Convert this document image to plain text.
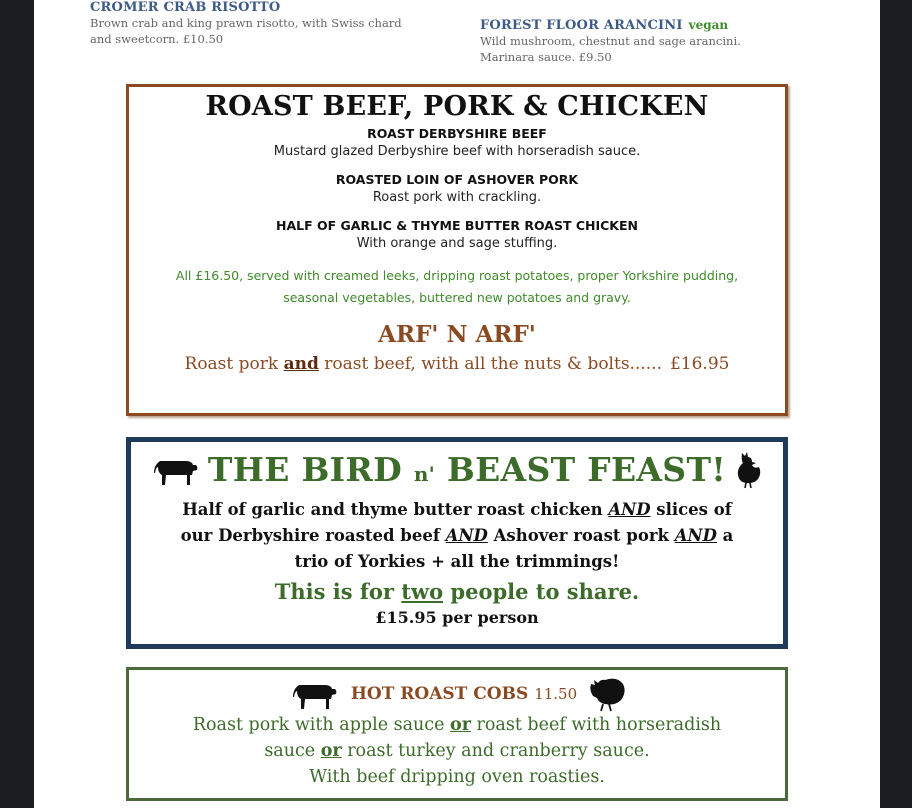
CROMER CRAB RISOTTO
Brown crab and king prawn risotto, with Swiss chard
and sweetcorn. £10.50
FOREST FLOOR ARANCINI vegan
Wild mushroom, chestnut and sage arancini.
Marinara sauce. £9.50
ROAST BEEF, PORK & CHICKEN
ROAST DERBYSHIRE BEEF
Mustard glazed Derbyshire beef with horseradish sauce.
ROASTED LOIN OF ASHOVER PORK
Roast pork with crackling.
HALF OF GARLIC & THYME BUTTER ROAST CHICKEN
With orange and sage stuffing.
All £16.50, served with creamed leeks, dripping roast potatoes, proper Yorkshire pudding,
seasonal vegetables, buttered new potatoes and gravy.
ARF' N ARF'
Roast pork and roast beef, with all the nuts & bolts...... £16.95
THE BIRD n' BEAST FEAST!
Half of garlic and thyme butter roast chicken AND slices of
our Derbyshire roasted beef AND Ashover roast pork AND a
trio of Yorkies + all the trimmings!
This is for two people to share.
£15.95 per person
HOT ROAST COBS 11.50
Roast pork with apple sauce or roast beef with horseradish
sauce or roast turkey and cranberry sauce.
With beef dripping oven roasties.
